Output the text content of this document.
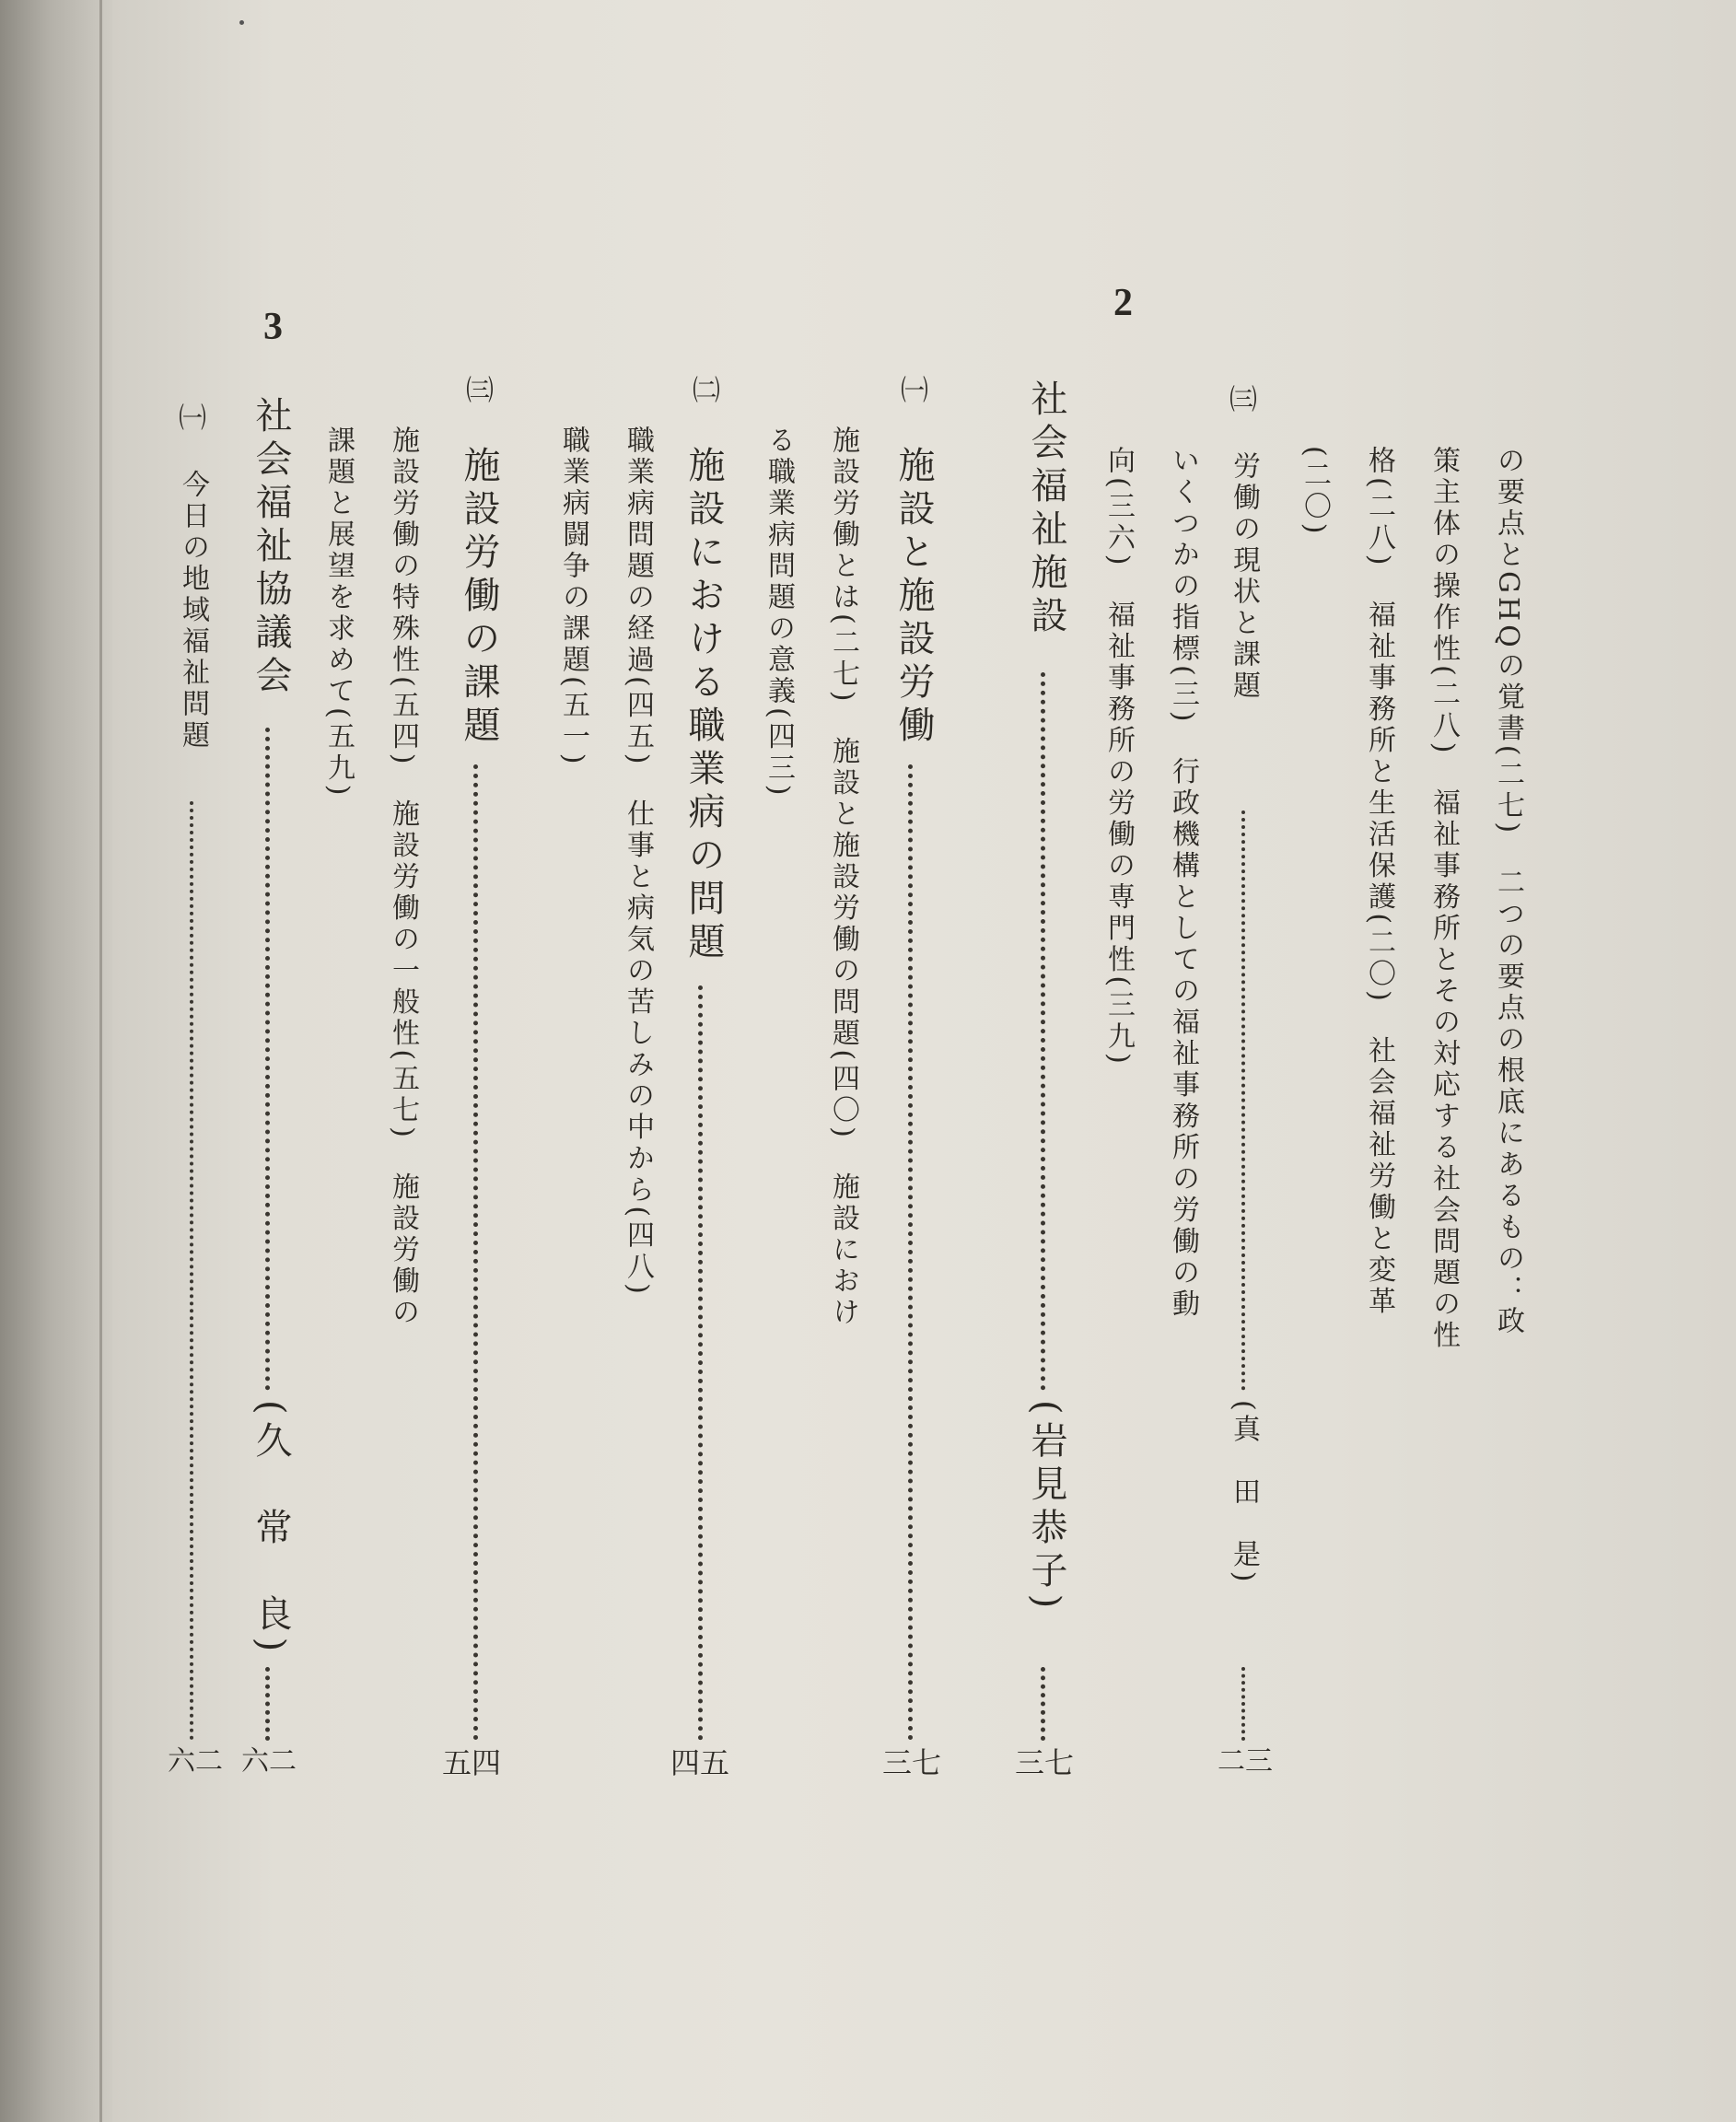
の要点とGHQの覚書(二七)　二つの要点の根底にあるもの：政
策主体の操作性(二八)　福祉事務所とその対応する社会問題の性
格(二八)　福祉事務所と生活保護(二〇)　社会福祉労働と変革
(二〇)
㈢
労働の現状と課題
(真　田　是)
二三
いくつかの指標(三)　行政機構としての福祉事務所の労働の動
向(三六)　福祉事務所の労働の専門性(三九)
2
社会福祉施設
(岩見恭子)
三七
㈠
施設と施設労働
三七
施設労働とは(二七)　施設と施設労働の問題(四〇)　施設におけ
る職業病問題の意義(四三)
㈡
施設における職業病の問題
四五
職業病問題の経過(四五)　仕事と病気の苦しみの中から(四八)
職業病闘争の課題(五一)
㈢
施設労働の課題
五四
施設労働の特殊性(五四)　施設労働の一般性(五七)　施設労働の
課題と展望を求めて(五九)
3
社会福祉協議会
(久　常　良)
六二
㈠
今日の地域福祉問題
六二
